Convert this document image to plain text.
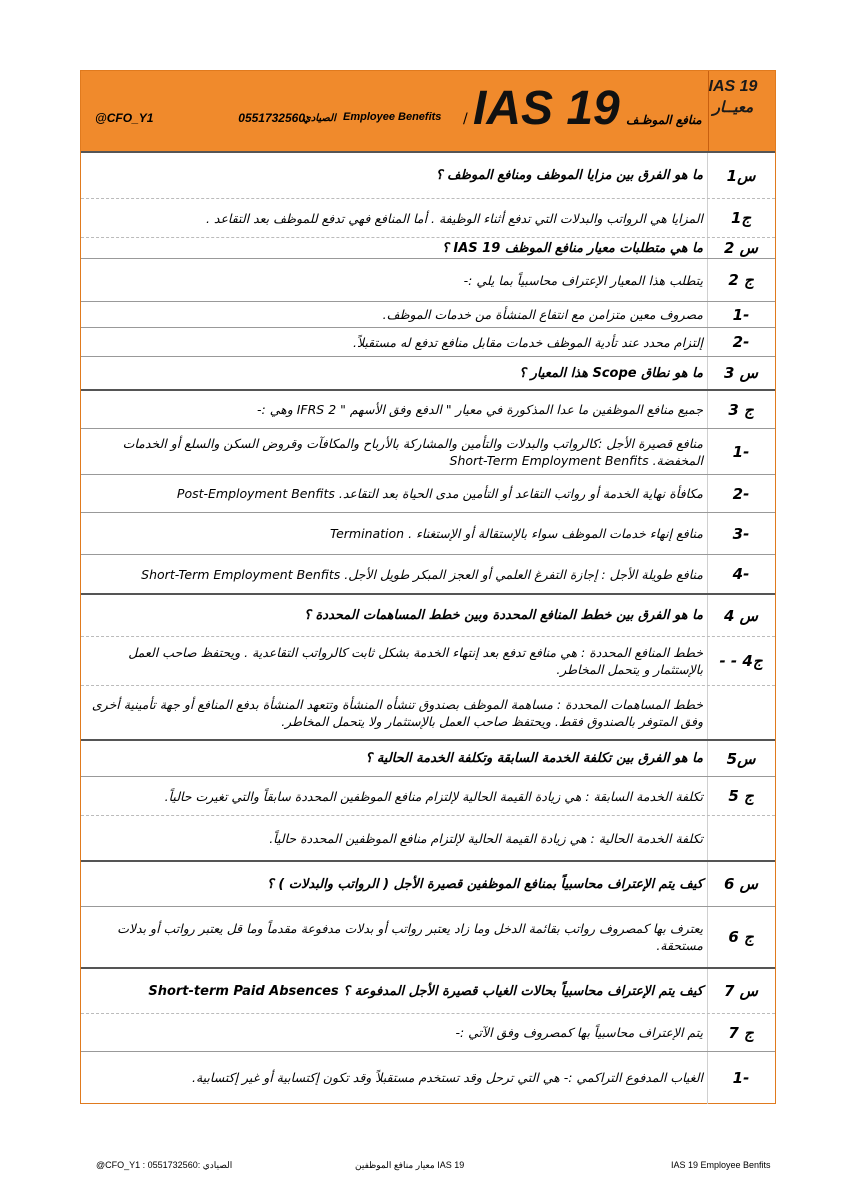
IAS 19
معيــار
IAS 19 منافع الموظـف
/
Employee Benefits
الصيادي
0551732560:
@CFO_Y1
س1
ما هو الفرق بين مزايا الموظف ومنافع الموظف ؟
ج1
المزايا هي الرواتب والبدلات التي تدفع أثناء الوظيفة . أما المنافع فهي تدفع للموظف بعد التقاعد .
س 2
ما هي متطلبات معيار منافع الموظف IAS 19 ؟
ج 2
يتطلب هذا المعيار الإعتراف محاسبياً بما يلي :-
-1
مصروف معين متزامن مع انتفاع المنشأة من خدمات الموظف.
-2
إلتزام محدد عند تأدية الموظف خدمات مقابل منافع تدفع له مستقبلاً.
س 3
ما هو نطاق Scope هذا المعيار ؟
ج 3
جميع منافع الموظفين ما عدا المذكورة في معيار " الدفع وفق الأسهم " IFRS 2 وهي :-
-1
منافع قصيرة الأجل :كالرواتب والبدلات والتأمين والمشاركة بالأرباح والمكافآت وقروض السكن والسلع أو الخدمات المخفضة. Short-Term Employment Benfits
-2
مكافأة نهاية الخدمة أو رواتب التقاعد أو التأمين مدى الحياة بعد التقاعد. Post-Employment Benfits
-3
منافع إنهاء خدمات الموظف سواء بالإستقالة أو الإستغناء . Termination
-4
منافع طويلة الأجل : إجازة التفرغ العلمي أو العجز المبكر طويل الأجل. Short-Term Employment Benfits
س 4
ما هو الفرق بين خطط المنافع المحددة وبين خطط المساهمات المحددة ؟
ج4 - -
خطط المنافع المحددة : هي منافع تدفع بعد إنتهاء الخدمة بشكل ثابت كالرواتب التقاعدية . ويحتفظ صاحب العمل بالإستثمار و يتحمل المخاطر.
خطط المساهمات المحددة : مساهمة الموظف بصندوق تنشأه المنشأة وتتعهد المنشأة بدفع المنافع أو جهة تأمينية أخرى وفق المتوفر بالصندوق فقط. ويحتفظ صاحب العمل بالإستثمار ولا يتحمل المخاطر.
س5
ما هو الفرق بين تكلفة الخدمة السابقة وتكلفة الخدمة الحالية ؟
ج 5
تكلفة الخدمة السابقة : هي زيادة القيمة الحالية لإلتزام منافع الموظفين المحددة سابقاً والتي تغيرت حالياً.
تكلفة الخدمة الحالية : هي زيادة القيمة الحالية لإلتزام منافع الموظفين المحددة حالياً.
س 6
كيف يتم الإعتراف محاسبياً بمنافع الموظفين قصيرة الأجل ( الرواتب والبدلات ) ؟
ج 6
يعترف بها كمصروف رواتب بقائمة الدخل وما زاد يعتبر رواتب أو بدلات مدفوعة مقدماً وما قل يعتبر رواتب أو بدلات مستحقة.
س 7
كيف يتم الإعتراف محاسبياً بحالات الغياب قصيرة الأجل المدفوعة ؟ Short-term Paid Absences
ج 7
يتم الإعتراف محاسبياً بها كمصروف وفق الآتي :-
-1
الغياب المدفوع التراكمي :- هي التي ترحل وقد تستخدم مستقبلاً وقد تكون إكتسابية أو غير إكتسابية.
@CFO_Y1 : 0551732560: الصيادي	معيار منافع الموظفين IAS 19	IAS 19 Employee Benfits
